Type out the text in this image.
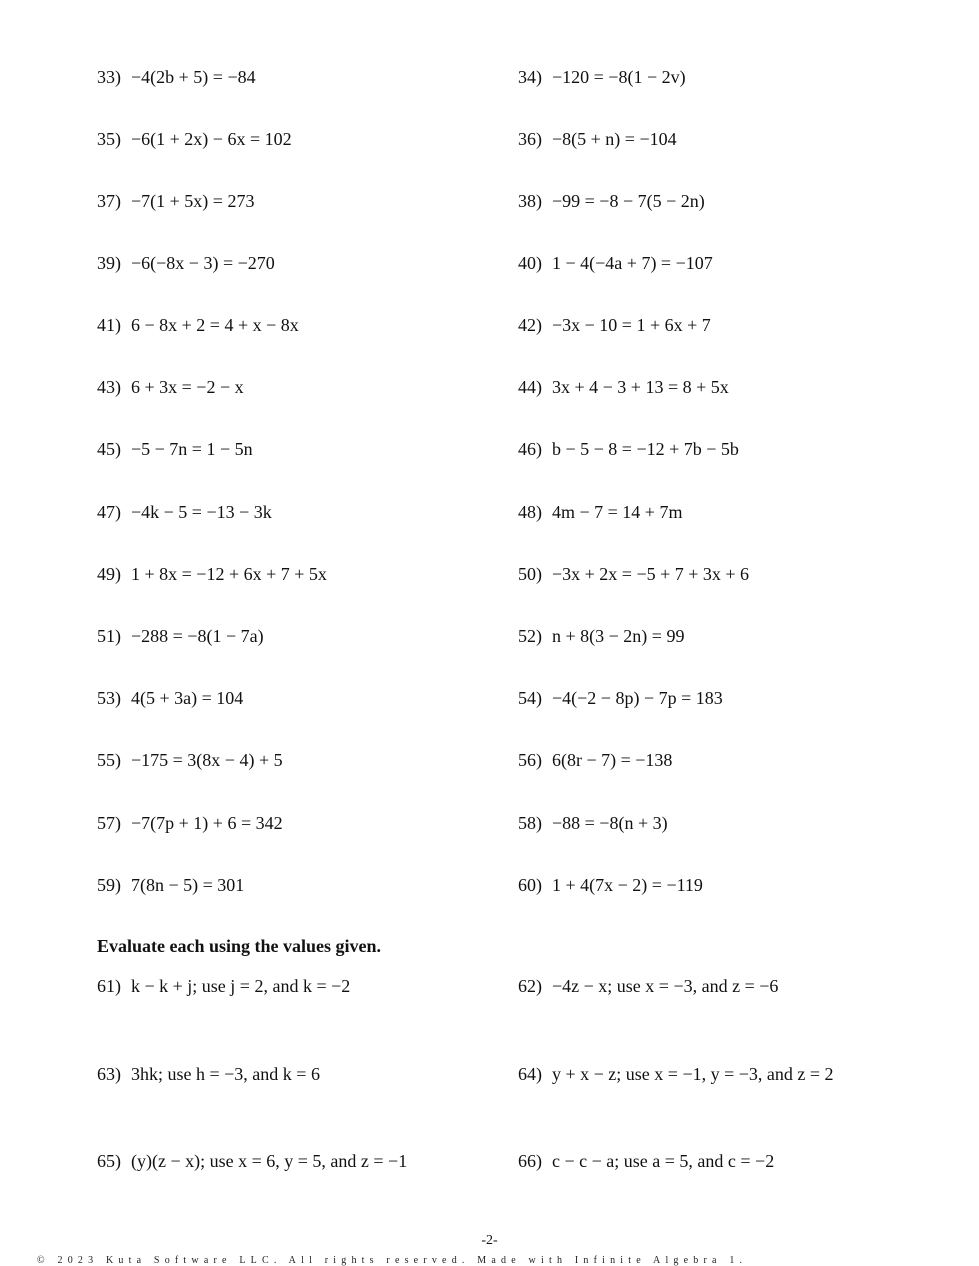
Evaluate each using the values given.
-2-
© 2023 Kuta Software LLC. All rights reserved. Made with Infinite Algebra 1.
33) −4(2b + 5) = −84	34) −120 = −8(1 − 2v)
35) −6(1 + 2x) − 6x = 102	36) −8(5 + n) = −104
37) −7(1 + 5x) = 273	38) −99 = −8 − 7(5 − 2n)
39) −6(−8x − 3) = −270	40) 1 − 4(−4a + 7) = −107
41) 6 − 8x + 2 = 4 + x − 8x	42) −3x − 10 = 1 + 6x + 7
43) 6 + 3x = −2 − x	44) 3x + 4 − 3 + 13 = 8 + 5x
45) −5 − 7n = 1 − 5n	46) b − 5 − 8 = −12 + 7b − 5b
47) −4k − 5 = −13 − 3k	48) 4m − 7 = 14 + 7m
49) 1 + 8x = −12 + 6x + 7 + 5x	50) −3x + 2x = −5 + 7 + 3x + 6
51) −288 = −8(1 − 7a)	52) n + 8(3 − 2n) = 99
53) 4(5 + 3a) = 104	54) −4(−2 − 8p) − 7p = 183
55) −175 = 3(8x − 4) + 5	56) 6(8r − 7) = −138
57) −7(7p + 1) + 6 = 342	58) −88 = −8(n + 3)
59) 7(8n − 5) = 301	60) 1 + 4(7x − 2) = −119
61) k − k + j; use j = 2, and k = −2	62) −4z − x; use x = −3, and z = −6
63) 3hk; use h = −3, and k = 6	64) y + x − z; use x = −1, y = −3, and z = 2
65) (y)(z − x); use x = 6, y = 5, and z = −1	66) c − c − a; use a = 5, and c = −2
